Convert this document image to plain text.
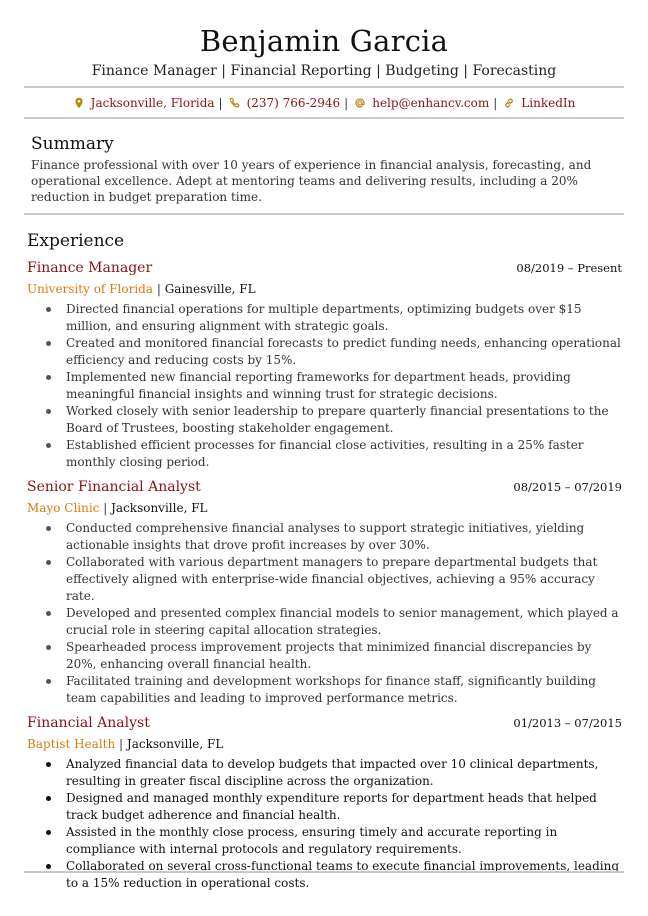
Benjamin Garcia
Finance Manager | Financial Reporting | Budgeting | Forecasting
Jacksonville, Florida | (237) 766-2946 | help@enhancv.com | LinkedIn
Summary
Finance professional with over 10 years of experience in financial analysis, forecasting, and operational excellence. Adept at mentoring teams and delivering results, including a 20% reduction in budget preparation time.
Experience
Finance Manager	08/2019 – Present
University of Florida | Gainesville, FL
Directed financial operations for multiple departments, optimizing budgets over $15 million, and ensuring alignment with strategic goals.
Created and monitored financial forecasts to predict funding needs, enhancing operational efficiency and reducing costs by 15%.
Implemented new financial reporting frameworks for department heads, providing meaningful financial insights and winning trust for strategic decisions.
Worked closely with senior leadership to prepare quarterly financial presentations to the Board of Trustees, boosting stakeholder engagement.
Established efficient processes for financial close activities, resulting in a 25% faster monthly closing period.
Senior Financial Analyst	08/2015 – 07/2019
Mayo Clinic | Jacksonville, FL
Conducted comprehensive financial analyses to support strategic initiatives, yielding actionable insights that drove profit increases by over 30%.
Collaborated with various department managers to prepare departmental budgets that effectively aligned with enterprise-wide financial objectives, achieving a 95% accuracy rate.
Developed and presented complex financial models to senior management, which played a crucial role in steering capital allocation strategies.
Spearheaded process improvement projects that minimized financial discrepancies by 20%, enhancing overall financial health.
Facilitated training and development workshops for finance staff, significantly building team capabilities and leading to improved performance metrics.
Financial Analyst	01/2013 – 07/2015
Baptist Health | Jacksonville, FL
Analyzed financial data to develop budgets that impacted over 10 clinical departments, resulting in greater fiscal discipline across the organization.
Designed and managed monthly expenditure reports for department heads that helped track budget adherence and financial health.
Assisted in the monthly close process, ensuring timely and accurate reporting in compliance with internal protocols and regulatory requirements.
Collaborated on several cross-functional teams to execute financial improvements, leading to a 15% reduction in operational costs.
